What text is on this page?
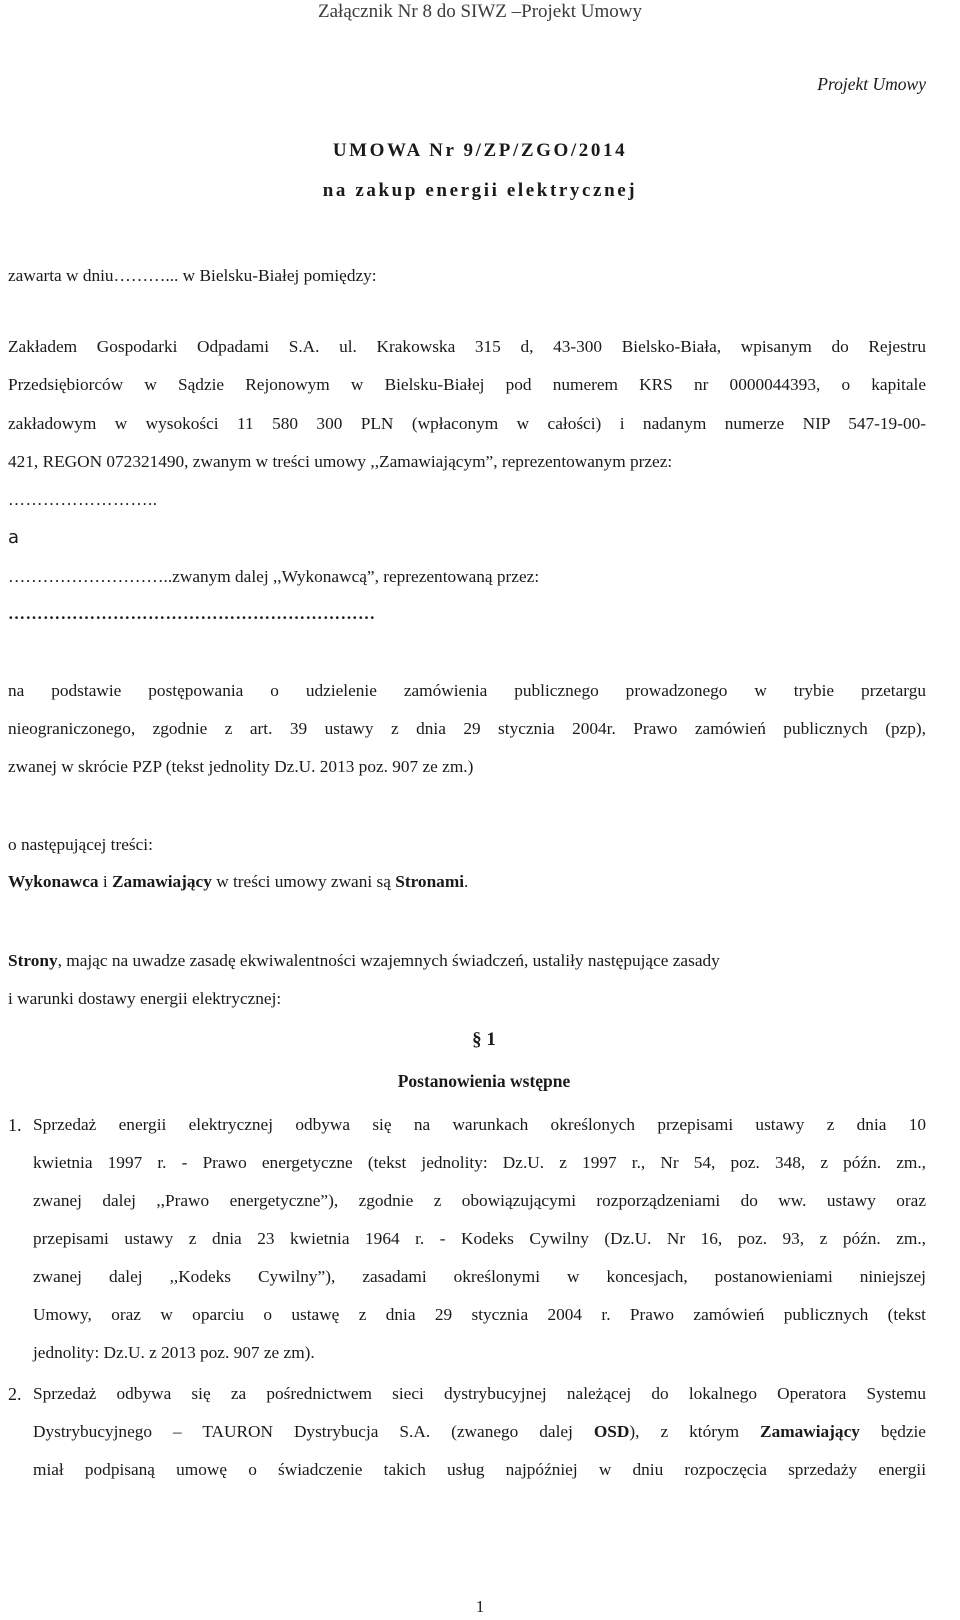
Załącznik Nr 8 do SIWZ –Projekt Umowy
Projekt Umowy
UMOWA Nr 9/ZP/ZGO/2014
na zakup energii elektrycznej
zawarta w dniu………... w Bielsku-Białej pomiędzy:
Zakładem Gospodarki Odpadami S.A. ul. Krakowska 315 d, 43-300 Bielsko-Biała, wpisanym do Rejestru
Przedsiębiorców w Sądzie Rejonowym w Bielsku-Białej pod numerem KRS nr 0000044393, o kapitale
zakładowym w wysokości 11 580 300 PLN (wpłaconym w całości) i nadanym numerze NIP 547-19-00-
421, REGON 072321490, zwanym w treści umowy ,,Zamawiającym”, reprezentowanym przez:
……………………..
a
………………………..zwanym dalej ,,Wykonawcą”, reprezentowaną przez:
………………………………………………………
na podstawie postępowania o udzielenie zamówienia publicznego prowadzonego w trybie przetargu
nieograniczonego, zgodnie z art. 39 ustawy z dnia 29 stycznia 2004r. Prawo zamówień publicznych (pzp),
zwanej w skrócie PZP (tekst jednolity Dz.U. 2013 poz. 907 ze zm.)
o następującej treści:
Wykonawca i Zamawiający w treści umowy zwani są Stronami.
Strony, mając na uwadze zasadę ekwiwalentności wzajemnych świadczeń, ustaliły następujące zasady
i warunki dostawy energii elektrycznej:
§ 1
Postanowienia wstępne
1. Sprzedaż energii elektrycznej odbywa się na warunkach określonych przepisami ustawy z dnia 10
kwietnia 1997 r. - Prawo energetyczne (tekst jednolity: Dz.U. z 1997 r., Nr 54, poz. 348, z późn. zm.,
zwanej dalej ,,Prawo energetyczne”), zgodnie z obowiązującymi rozporządzeniami do ww. ustawy oraz
przepisami ustawy z dnia 23 kwietnia 1964 r. - Kodeks Cywilny (Dz.U. Nr 16, poz. 93, z późn. zm.,
zwanej dalej ,,Kodeks Cywilny”), zasadami określonymi w koncesjach, postanowieniami niniejszej
Umowy, oraz w oparciu o ustawę z dnia 29 stycznia 2004 r. Prawo zamówień publicznych (tekst
jednolity: Dz.U. z 2013 poz. 907 ze zm).
2. Sprzedaż odbywa się za pośrednictwem sieci dystrybucyjnej należącej do lokalnego Operatora Systemu
Dystrybucyjnego – TAURON Dystrybucja S.A. (zwanego dalej OSD), z którym Zamawiający będzie
miał podpisaną umowę o świadczenie takich usług najpóźniej w dniu rozpoczęcia sprzedaży energii
1
